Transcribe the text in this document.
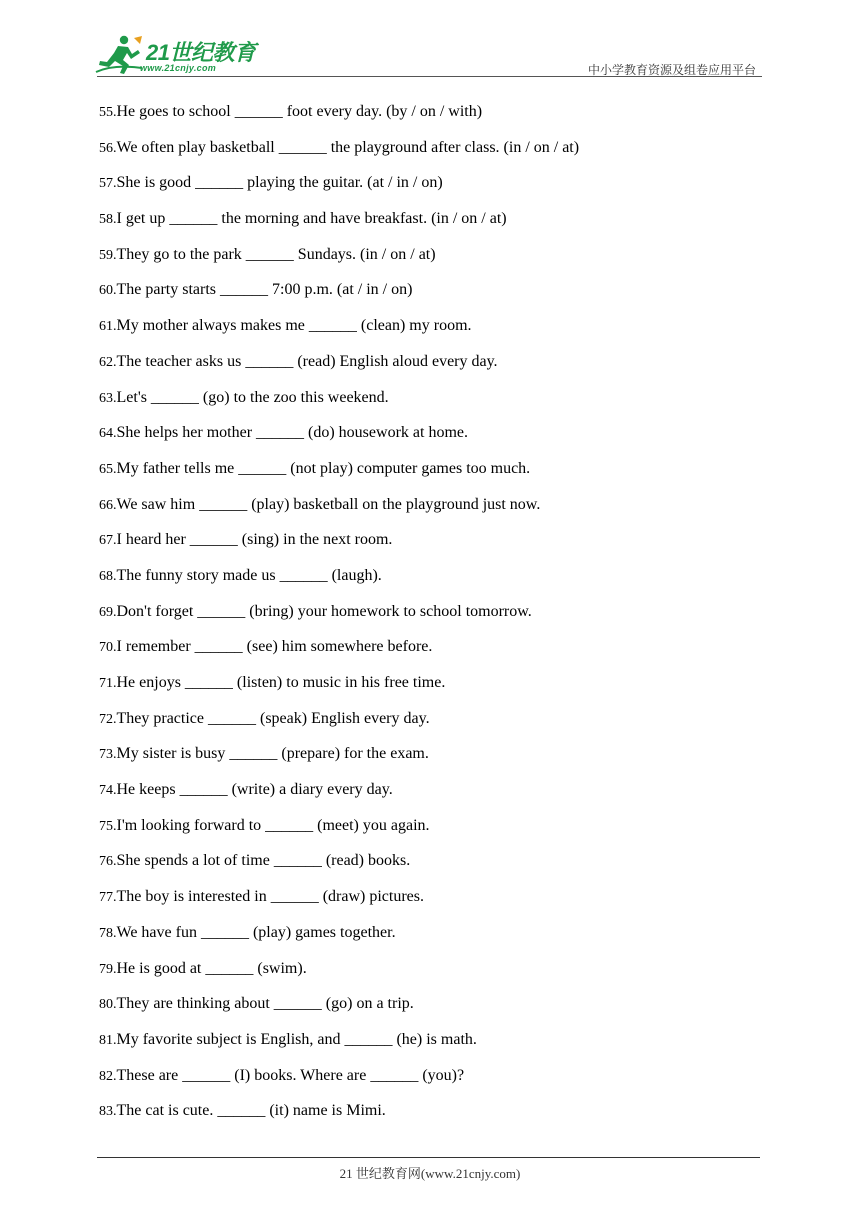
21世纪教育
www.21cnjy.com	中小学教育资源及组卷应用平台
55.He goes to school ______ foot every day. (by / on / with)
56.We often play basketball ______ the playground after class. (in / on / at)
57.She is good ______ playing the guitar. (at / in / on)
58.I get up ______ the morning and have breakfast. (in / on / at)
59.They go to the park ______ Sundays. (in / on / at)
60.The party starts ______ 7:00 p.m. (at / in / on)
61.My mother always makes me ______ (clean) my room.
62.The teacher asks us ______ (read) English aloud every day.
63.Let's ______ (go) to the zoo this weekend.
64.She helps her mother ______ (do) housework at home.
65.My father tells me ______ (not play) computer games too much.
66.We saw him ______ (play) basketball on the playground just now.
67.I heard her ______ (sing) in the next room.
68.The funny story made us ______ (laugh).
69.Don't forget ______ (bring) your homework to school tomorrow.
70.I remember ______ (see) him somewhere before.
71.He enjoys ______ (listen) to music in his free time.
72.They practice ______ (speak) English every day.
73.My sister is busy ______ (prepare) for the exam.
74.He keeps ______ (write) a diary every day.
75.I'm looking forward to ______ (meet) you again.
76.She spends a lot of time ______ (read) books.
77.The boy is interested in ______ (draw) pictures.
78.We have fun ______ (play) games together.
79.He is good at ______ (swim).
80.They are thinking about ______ (go) on a trip.
81.My favorite subject is English, and ______ (he) is math.
82.These are ______ (I) books. Where are ______ (you)?
83.The cat is cute. ______ (it) name is Mimi.
21 世纪教育网(www.21cnjy.com)
